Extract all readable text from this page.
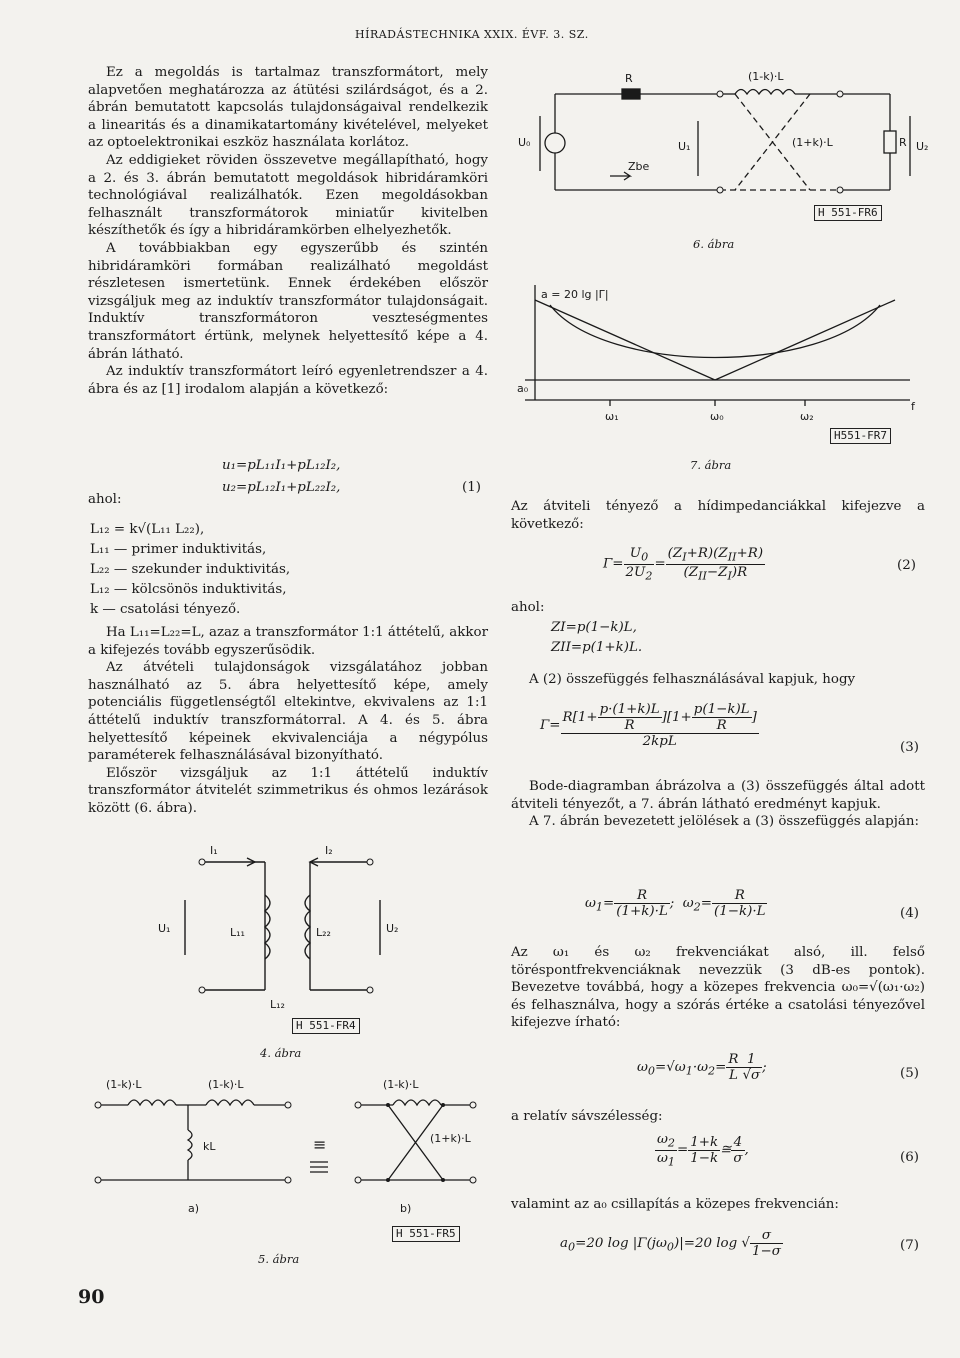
HÍRADÁSTECHNIKA XXIX. ÉVF. 3. SZ.

Ez a megoldás is tartalmaz transzformátort, mely alapvetően meghatározza az átütési szilárdságot, és a 2. ábrán bemutatott kapcsolás tulajdonságaival rendelkezik a linearitás és a dinamikatartomány kivételével, melyeket az optoelektronikai eszköz használata korlátoz.

Az eddigieket röviden összevetve megállapítható, hogy a 2. és 3. ábrán bemutatott megoldások hibridáramköri technológiával realizálhatók. Ezen megoldásokban felhasznált transzformátorok miniatűr kivitelben készíthetők és így a hibridáramkörben elhelyezhetők.

A továbbiakban egy egyszerűbb és szintén hibridáramköri formában realizálható megoldást részletesen ismertetünk. Ennek érdekében először vizsgáljuk meg az induktív transzformátor tulajdonságait. Induktív transzformátoron veszteségmentes transzformátort értünk, melynek helyettesítő képe a 4. ábrán látható.

Az induktív transzformátort leíró egyenletrendszer a 4. ábra és az [1] irodalom alapján a következő:

u₁=pL₁₁I₁+pL₁₂I₂,
u₂=pL₁₂I₁+pL₂₂I₂,	(1)
ahol:
L₁₂ = k√(L₁₁ L₂₂),
L₁₁ — primer induktivitás,
L₂₂ — szekunder induktivitás,
L₁₂ — kölcsönös induktivitás,
k — csatolási tényező.

Ha L₁₁=L₂₂=L, azaz a transzformátor 1:1 áttételű, akkor a kifejezés tovább egyszerűsödik.

Az átvételi tulajdonságok vizsgálatához jobban használható az 5. ábra helyettesítő képe, amely potenciális függetlenségtől eltekintve, ekvivalens az 1:1 áttételű induktív transzformátorral. A 4. és 5. ábra helyettesítő képeinek ekvivalenciája a négypólus paraméterek felhasználásával bizonyítható.

Először vizsgáljuk az 1:1 áttételű induktív transzformátor átvitelét szimmetrikus és ohmos lezárások között (6. ábra).

I₁	I₂
U₁	U₂
L₁₁	L₂₂
L₁₂
H 551-FR4
4. ábra
(1-k)·L	(1-k)·L	(1-k)·L
(1+k)·L
kL	≡
a)	b)
H 551-FR5
5. ábra
90
R	(1-k)·L
(1+k)·L
U₀	U₁	U₂
Zbe
R
H 551-FR6
6. ábra
a = 20 lg |Γ|
a₀
ω₁	ω₀	ω₂
f
H551-FR7
7. ábra

Az átviteli tényező a hídimpedanciákkal kifejezve a következő:

$\Gamma= \frac{U_0}{2U_2} = \frac{(Z_I+R)(Z_{II}+R)}{(Z_{II}-Z_I)R}$	(2)
ahol:
ZI=p(1−k)L,
ZII=p(1+k)L.

A (2) összefüggés felhasználásával kapjuk, hogy

$\Gamma= \frac{R[1+ \frac{p\cdot(1+k)L}{R} ][1+ \frac{p(1-k)L}{R} ]}{\text{2kpL}}$	(3)

Bode-diagramban ábrázolva a (3) összefüggés által adott átviteli tényezőt, a 7. ábrán látható eredményt kapjuk.

A 7. ábrán bevezetett jelölések a (3) összefüggés alapján:

$\omega_1= \frac{R}{(1+k)\cdot L}$ ;  $\omega_2= \frac{R}{(1-k)\cdot L}$	(4)

Az ω₁ és ω₂ frekvenciákat alsó, ill. felső töréspontfrekvenciáknak nevezzük (3 dB-es pontok). Bevezetve továbbá, hogy a közepes frekvencia ω₀=√(ω₁·ω₂) és felhasználva, hogy a szórás értéke a csatolási tényezővel kifejezve írható:

$\omega_0=√\omega_1\cdot\omega_2= \frac{R}{L} \frac{1}{√\sigma}$ ;	(5)

a relatív sávszélesség:

$\frac{\omega_2}{\omega_1} = \frac{1+k}{1-k}$ ≅ $\frac{4}{\sigma}$ ,	(6)

valamint az a₀ csillapítás a közepes frekvencián:

$a_0=20$ $\log |\Gamma(j\omega_0)|=20$ log √ $\frac{\sigma}{1-\sigma}$	(7)
